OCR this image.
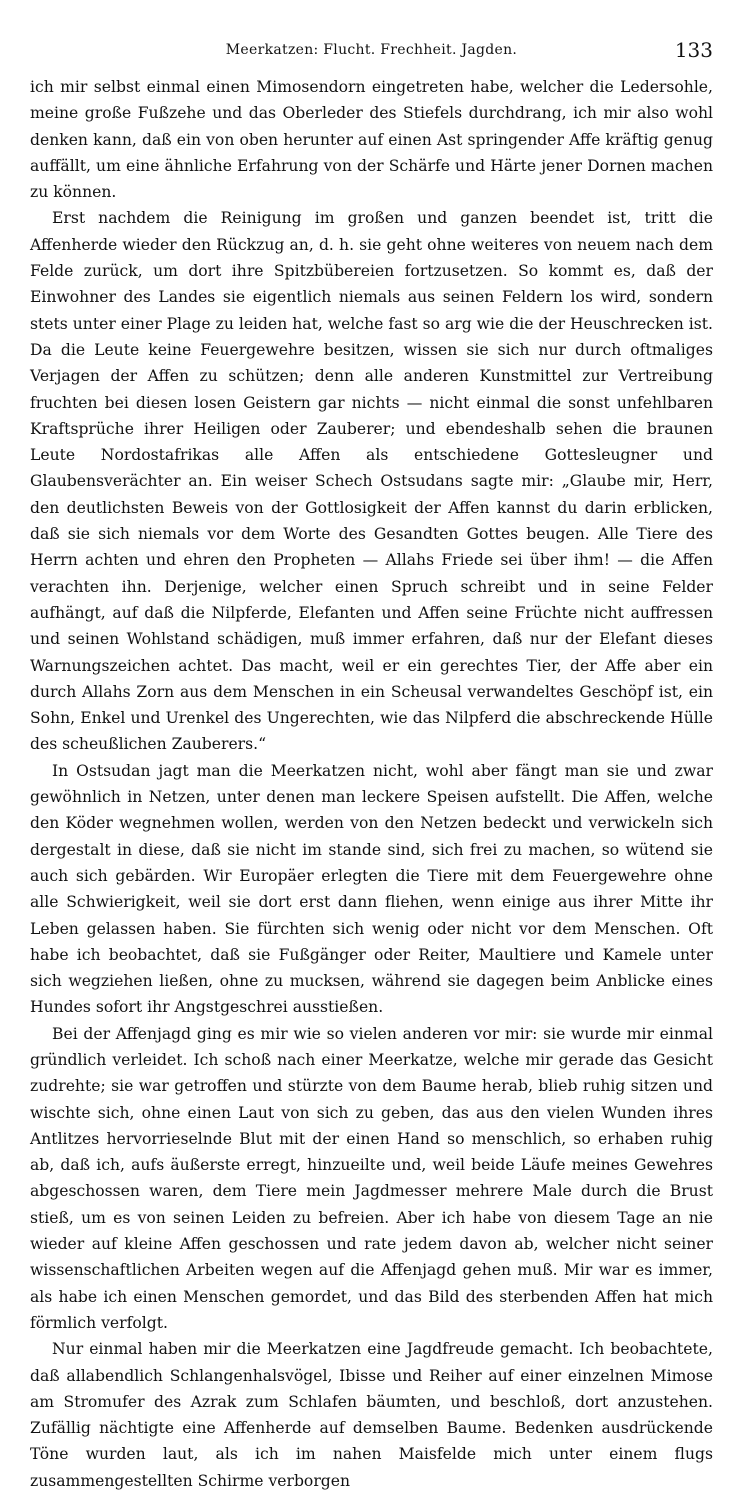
Meerkatzen: Flucht. Frechheit. Jagden.	133

ich mir selbst einmal einen Mimosendorn eingetreten habe, welcher die Ledersohle, meine große Fußzehe und das Oberleder des Stiefels durchdrang, ich mir also wohl denken kann, daß ein von oben herunter auf einen Ast springender Affe kräftig genug auffällt, um eine ähnliche Erfahrung von der Schärfe und Härte jener Dornen machen zu können.

Erst nachdem die Reinigung im großen und ganzen beendet ist, tritt die Affenherde wieder den Rückzug an, d. h. sie geht ohne weiteres von neuem nach dem Felde zurück, um dort ihre Spitzbübereien fortzusetzen. So kommt es, daß der Einwohner des Landes sie eigentlich niemals aus seinen Feldern los wird, sondern stets unter einer Plage zu leiden hat, welche fast so arg wie die der Heuschrecken ist. Da die Leute keine Feuergewehre besitzen, wissen sie sich nur durch oftmaliges Verjagen der Affen zu schützen; denn alle anderen Kunstmittel zur Vertreibung fruchten bei diesen losen Geistern gar nichts — nicht einmal die sonst unfehlbaren Kraftsprüche ihrer Heiligen oder Zauberer; und ebendeshalb sehen die braunen Leute Nordostafrikas alle Affen als entschiedene Gottesleugner und Glaubensverächter an. Ein weiser Schech Ostsudans sagte mir: „Glaube mir, Herr, den deutlichsten Beweis von der Gottlosigkeit der Affen kannst du darin erblicken, daß sie sich niemals vor dem Worte des Gesandten Gottes beugen. Alle Tiere des Herrn achten und ehren den Propheten — Allahs Friede sei über ihm! — die Affen verachten ihn. Derjenige, welcher einen Spruch schreibt und in seine Felder aufhängt, auf daß die Nilpferde, Elefanten und Affen seine Früchte nicht auffressen und seinen Wohlstand schädigen, muß immer erfahren, daß nur der Elefant dieses Warnungszeichen achtet. Das macht, weil er ein gerechtes Tier, der Affe aber ein durch Allahs Zorn aus dem Menschen in ein Scheusal verwandeltes Geschöpf ist, ein Sohn, Enkel und Urenkel des Ungerechten, wie das Nilpferd die abschreckende Hülle des scheußlichen Zauberers.“

In Ostsudan jagt man die Meerkatzen nicht, wohl aber fängt man sie und zwar gewöhnlich in Netzen, unter denen man leckere Speisen aufstellt. Die Affen, welche den Köder wegnehmen wollen, werden von den Netzen bedeckt und verwickeln sich dergestalt in diese, daß sie nicht im stande sind, sich frei zu machen, so wütend sie auch sich gebärden. Wir Europäer erlegten die Tiere mit dem Feuergewehre ohne alle Schwierigkeit, weil sie dort erst dann fliehen, wenn einige aus ihrer Mitte ihr Leben gelassen haben. Sie fürchten sich wenig oder nicht vor dem Menschen. Oft habe ich beobachtet, daß sie Fußgänger oder Reiter, Maultiere und Kamele unter sich wegziehen ließen, ohne zu mucksen, während sie dagegen beim Anblicke eines Hundes sofort ihr Angstgeschrei ausstießen.

Bei der Affenjagd ging es mir wie so vielen anderen vor mir: sie wurde mir einmal gründlich verleidet. Ich schoß nach einer Meerkatze, welche mir gerade das Gesicht zudrehte; sie war getroffen und stürzte von dem Baume herab, blieb ruhig sitzen und wischte sich, ohne einen Laut von sich zu geben, das aus den vielen Wunden ihres Antlitzes hervorrieselnde Blut mit der einen Hand so menschlich, so erhaben ruhig ab, daß ich, aufs äußerste erregt, hinzueilte und, weil beide Läufe meines Gewehres abgeschossen waren, dem Tiere mein Jagdmesser mehrere Male durch die Brust stieß, um es von seinen Leiden zu befreien. Aber ich habe von diesem Tage an nie wieder auf kleine Affen geschossen und rate jedem davon ab, welcher nicht seiner wissenschaftlichen Arbeiten wegen auf die Affenjagd gehen muß. Mir war es immer, als habe ich einen Menschen gemordet, und das Bild des sterbenden Affen hat mich förmlich verfolgt.

Nur einmal haben mir die Meerkatzen eine Jagdfreude gemacht. Ich beobachtete, daß allabendlich Schlangenhalsvögel, Ibisse und Reiher auf einer einzelnen Mimose am Stromufer des Azrak zum Schlafen bäumten, und beschloß, dort anzustehen. Zufällig nächtigte eine Affenherde auf demselben Baume. Bedenken ausdrückende Töne wurden laut, als ich im nahen Maisfelde mich unter einem flugs zusammengestellten Schirme verborgen
